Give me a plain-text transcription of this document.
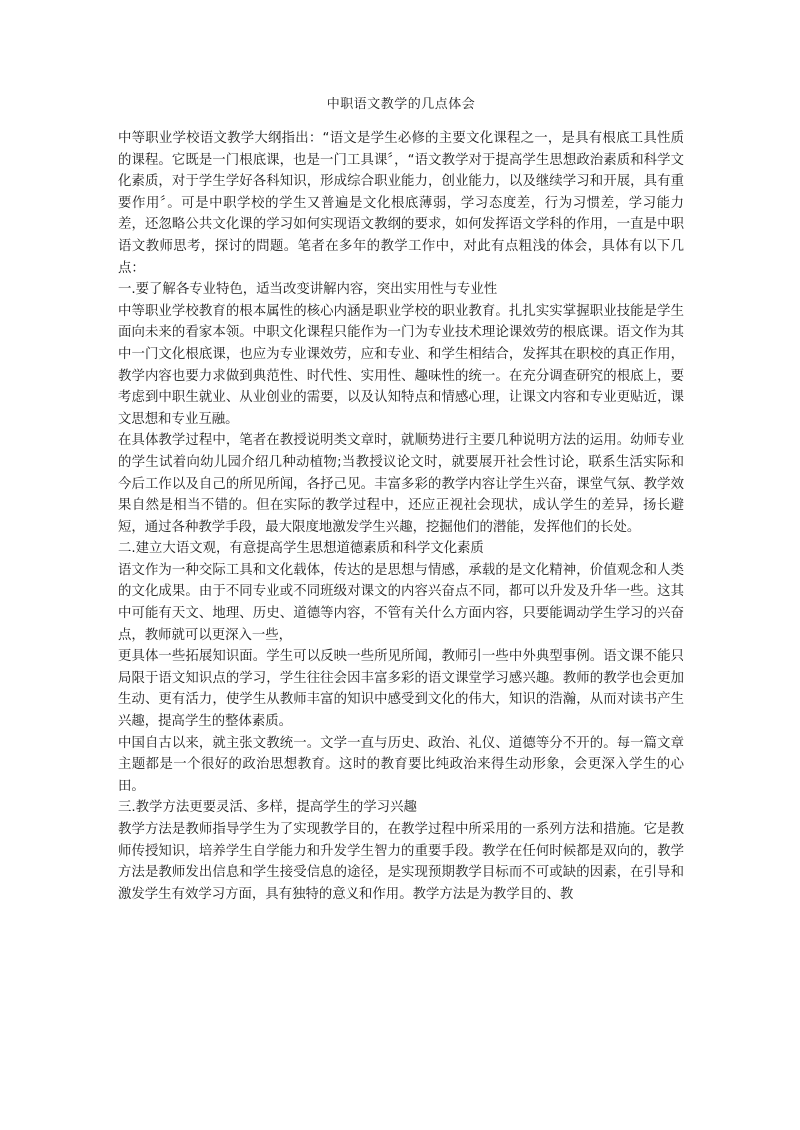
中职语文教学的几点体会

中等职业学校语文教学大纲指出：“语文是学生必修的主要文化课程之一，是具有根底工具性质的课程。它既是一门根底课，也是一门工具课〞，“语文教学对于提高学生思想政治素质和科学文化素质，对于学生学好各科知识，形成综合职业能力，创业能力，以及继续学习和开展，具有重要作用〞。可是中职学校的学生又普遍是文化根底薄弱，学习态度差，行为习惯差，学习能力差，还忽略公共文化课的学习如何实现语文教纲的要求，如何发挥语文学科的作用，一直是中职语文教师思考，探讨的問题。笔者在多年的教学工作中，对此有点粗浅的体会，具体有以下几点：

一.要了解各专业特色，适当改变讲解内容，突出实用性与专业性

中等职业学校教育的根本属性的核心内涵是职业学校的职业教育。扎扎实实掌握职业技能是学生面向未来的看家本领。中职文化课程只能作为一门为专业技术理论课效劳的根底课。语文作为其中一门文化根底课，也应为专业课效劳，应和专业、和学生相结合，发挥其在职校的真正作用，教学内容也要力求做到典范性、时代性、实用性、趣味性的统一。在充分调查研究的根底上，要考虑到中职生就业、从业创业的需要，以及认知特点和情感心理，让课文内容和专业更贴近，课文思想和专业互融。

在具体教学过程中，笔者在教授说明类文章时，就顺势进行主要几种说明方法的运用。幼师专业的学生试着向幼儿园介绍几种动植物;当教授议论文时，就要展开社会性讨论，联系生活实际和今后工作以及自己的所见所闻，各抒己见。丰富多彩的教学内容让学生兴奋，课堂气氛、教学效果自然是相当不错的。但在实际的教学过程中，还应正视社会现状，成认学生的差异，扬长避短，通过各种教学手段，最大限度地激发学生兴趣，挖掘他们的潜能，发挥他们的长处。

二.建立大语文观，有意提高学生思想道德素质和科学文化素质

语文作为一种交际工具和文化载体，传达的是思想与情感，承载的是文化精神，价值观念和人类的文化成果。由于不同专业或不同班级对课文的内容兴奋点不同，都可以升发及升华一些。这其中可能有天文、地理、历史、道德等内容，不管有关什么方面内容，只要能调动学生学习的兴奋点，教师就可以更深入一些，

更具体一些拓展知识面。学生可以反映一些所见所闻，教师引一些中外典型事例。语文课不能只局限于语文知识点的学习，学生往往会因丰富多彩的语文课堂学习感兴趣。教师的教学也会更加生动、更有活力，使学生从教师丰富的知识中感受到文化的伟大，知识的浩瀚，从而对读书产生兴趣，提高学生的整体素质。

中国自古以来，就主张文教统一。文学一直与历史、政治、礼仪、道德等分不开的。每一篇文章主题都是一个很好的政治思想教育。这时的教育要比纯政治来得生动形象，会更深入学生的心田。

三.教学方法更要灵活、多样，提高学生的学习兴趣

教学方法是教师指导学生为了实现教学目的，在教学过程中所采用的一系列方法和措施。它是教师传授知识，培养学生自学能力和升发学生智力的重要手段。教学在任何时候都是双向的，教学方法是教师发出信息和学生接受信息的途径，是实现预期教学目标而不可或缺的因素，在引导和激发学生有效学习方面，具有独特的意义和作用。教学方法是为教学目的、教
